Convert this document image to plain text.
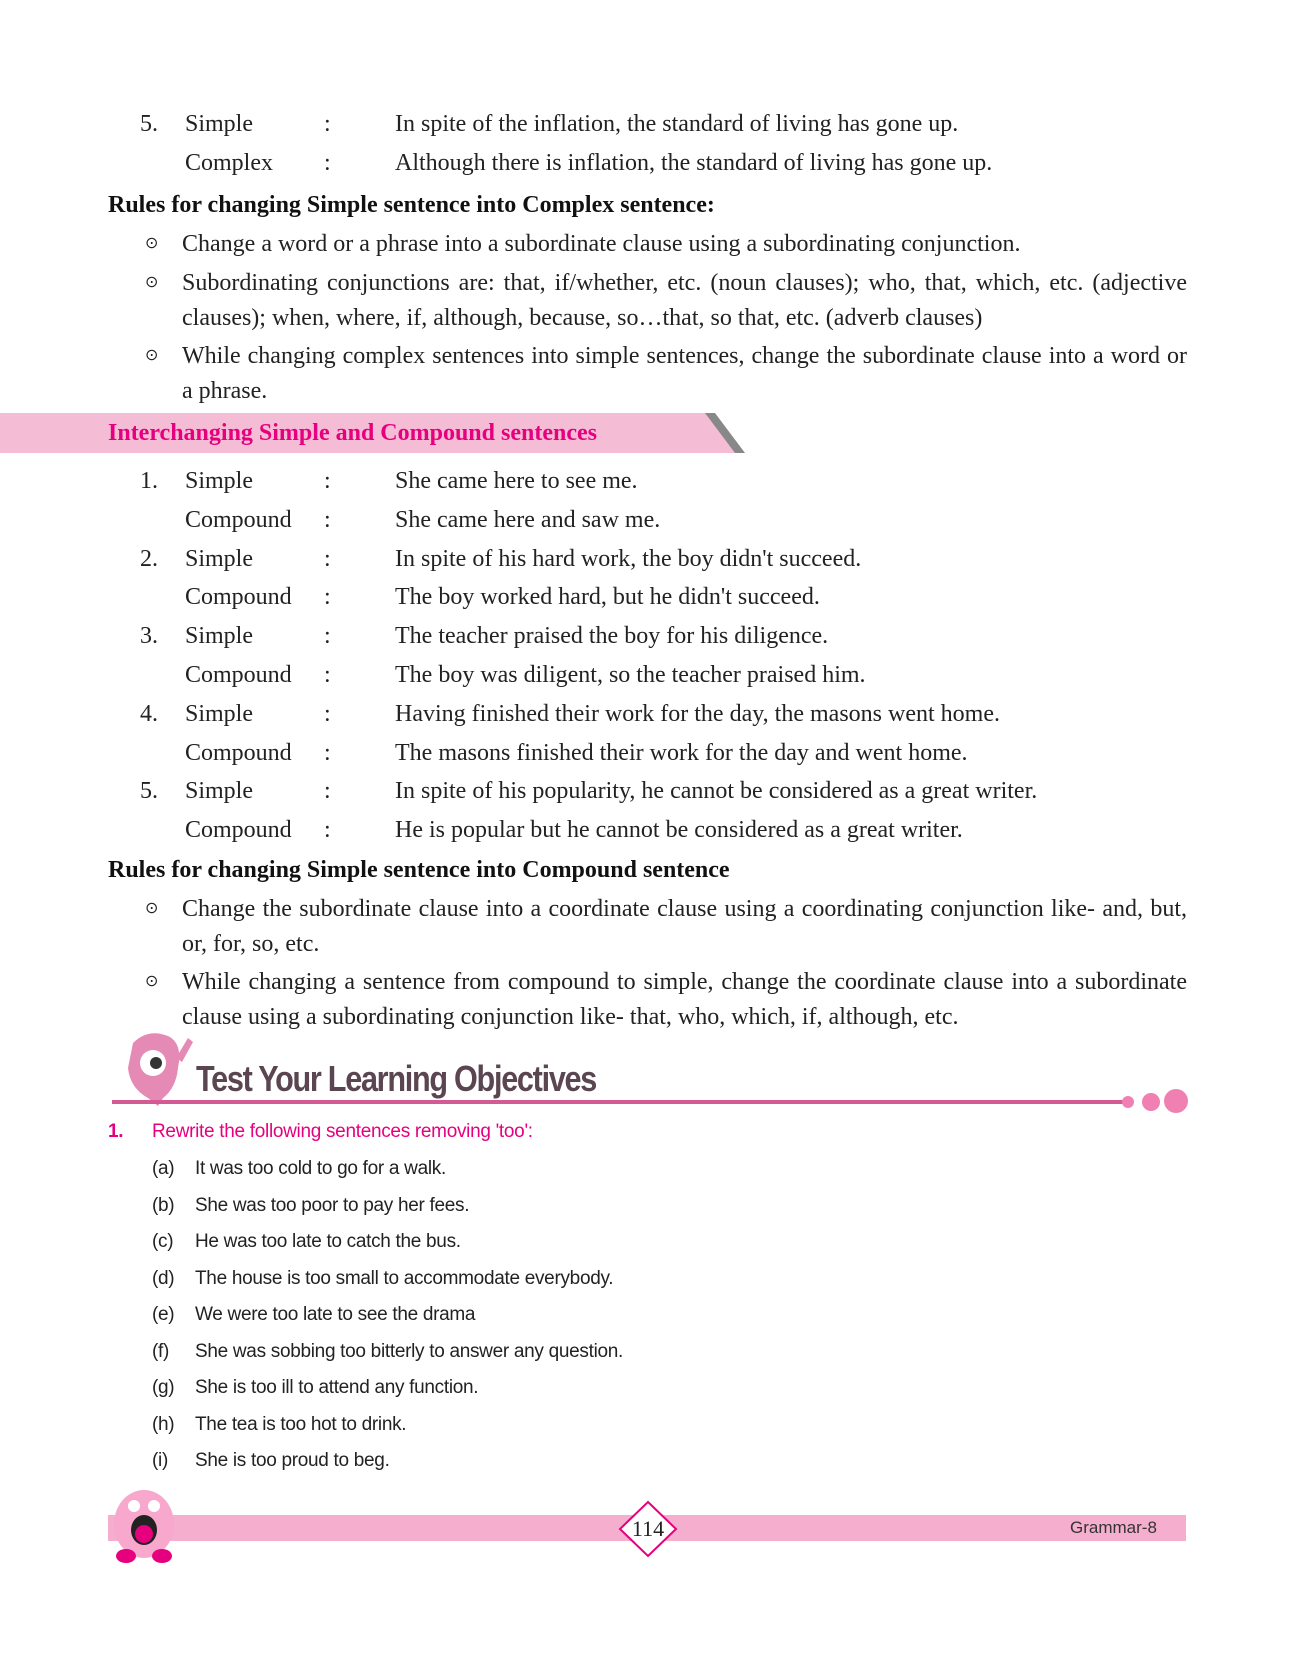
Interchanging Simple and Compound sentences
Test Your Learning Objectives
1. Rewrite the following sentences removing 'too':
114	Grammar-8
5. Simple	:	In spite of the inflation, the standard of living has gone up.
Complex :	Although there is inflation, the standard of living has gone up.
Rules for changing Simple sentence into Complex sentence:
⊙ Change a word or a phrase into a subordinate clause using a subordinating conjunction.
⊙ Subordinating conjunctions are: that, if/whether, etc. (noun clauses); who, that, which, etc. (adjective clauses); when, where, if, although, because, so…that, so that, etc. (adverb clauses)
⊙ While changing complex sentences into simple sentences, change the subordinate clause into a word or a phrase.
1. Simple	:	She came here to see me.
Compound :	She came here and saw me.
2. Simple	:	In spite of his hard work, the boy didn't succeed.
Compound :	The boy worked hard, but he didn't succeed.
3. Simple	:	The teacher praised the boy for his diligence.
Compound :	The boy was diligent, so the teacher praised him.
4. Simple	:	Having finished their work for the day, the masons went home.
Compound :	The masons finished their work for the day and went home.
5. Simple	:	In spite of his popularity, he cannot be considered as a great writer.
Compound :	He is popular but he cannot be considered as a great writer.
Rules for changing Simple sentence into Compound sentence
⊙ Change the subordinate clause into a coordinate clause using a coordinating conjunction like- and, but, or, for, so, etc.
⊙ While changing a sentence from compound to simple, change the coordinate clause into a subordinate clause using a subordinating conjunction like- that, who, which, if, although, etc.
(a) It was too cold to go for a walk.
(b) She was too poor to pay her fees.
(c) He was too late to catch the bus.
(d) The house is too small to accommodate everybody.
(e) We were too late to see the drama
(f) She was sobbing too bitterly to answer any question.
(g) She is too ill to attend any function.
(h) The tea is too hot to drink.
(i) She is too proud to beg.
